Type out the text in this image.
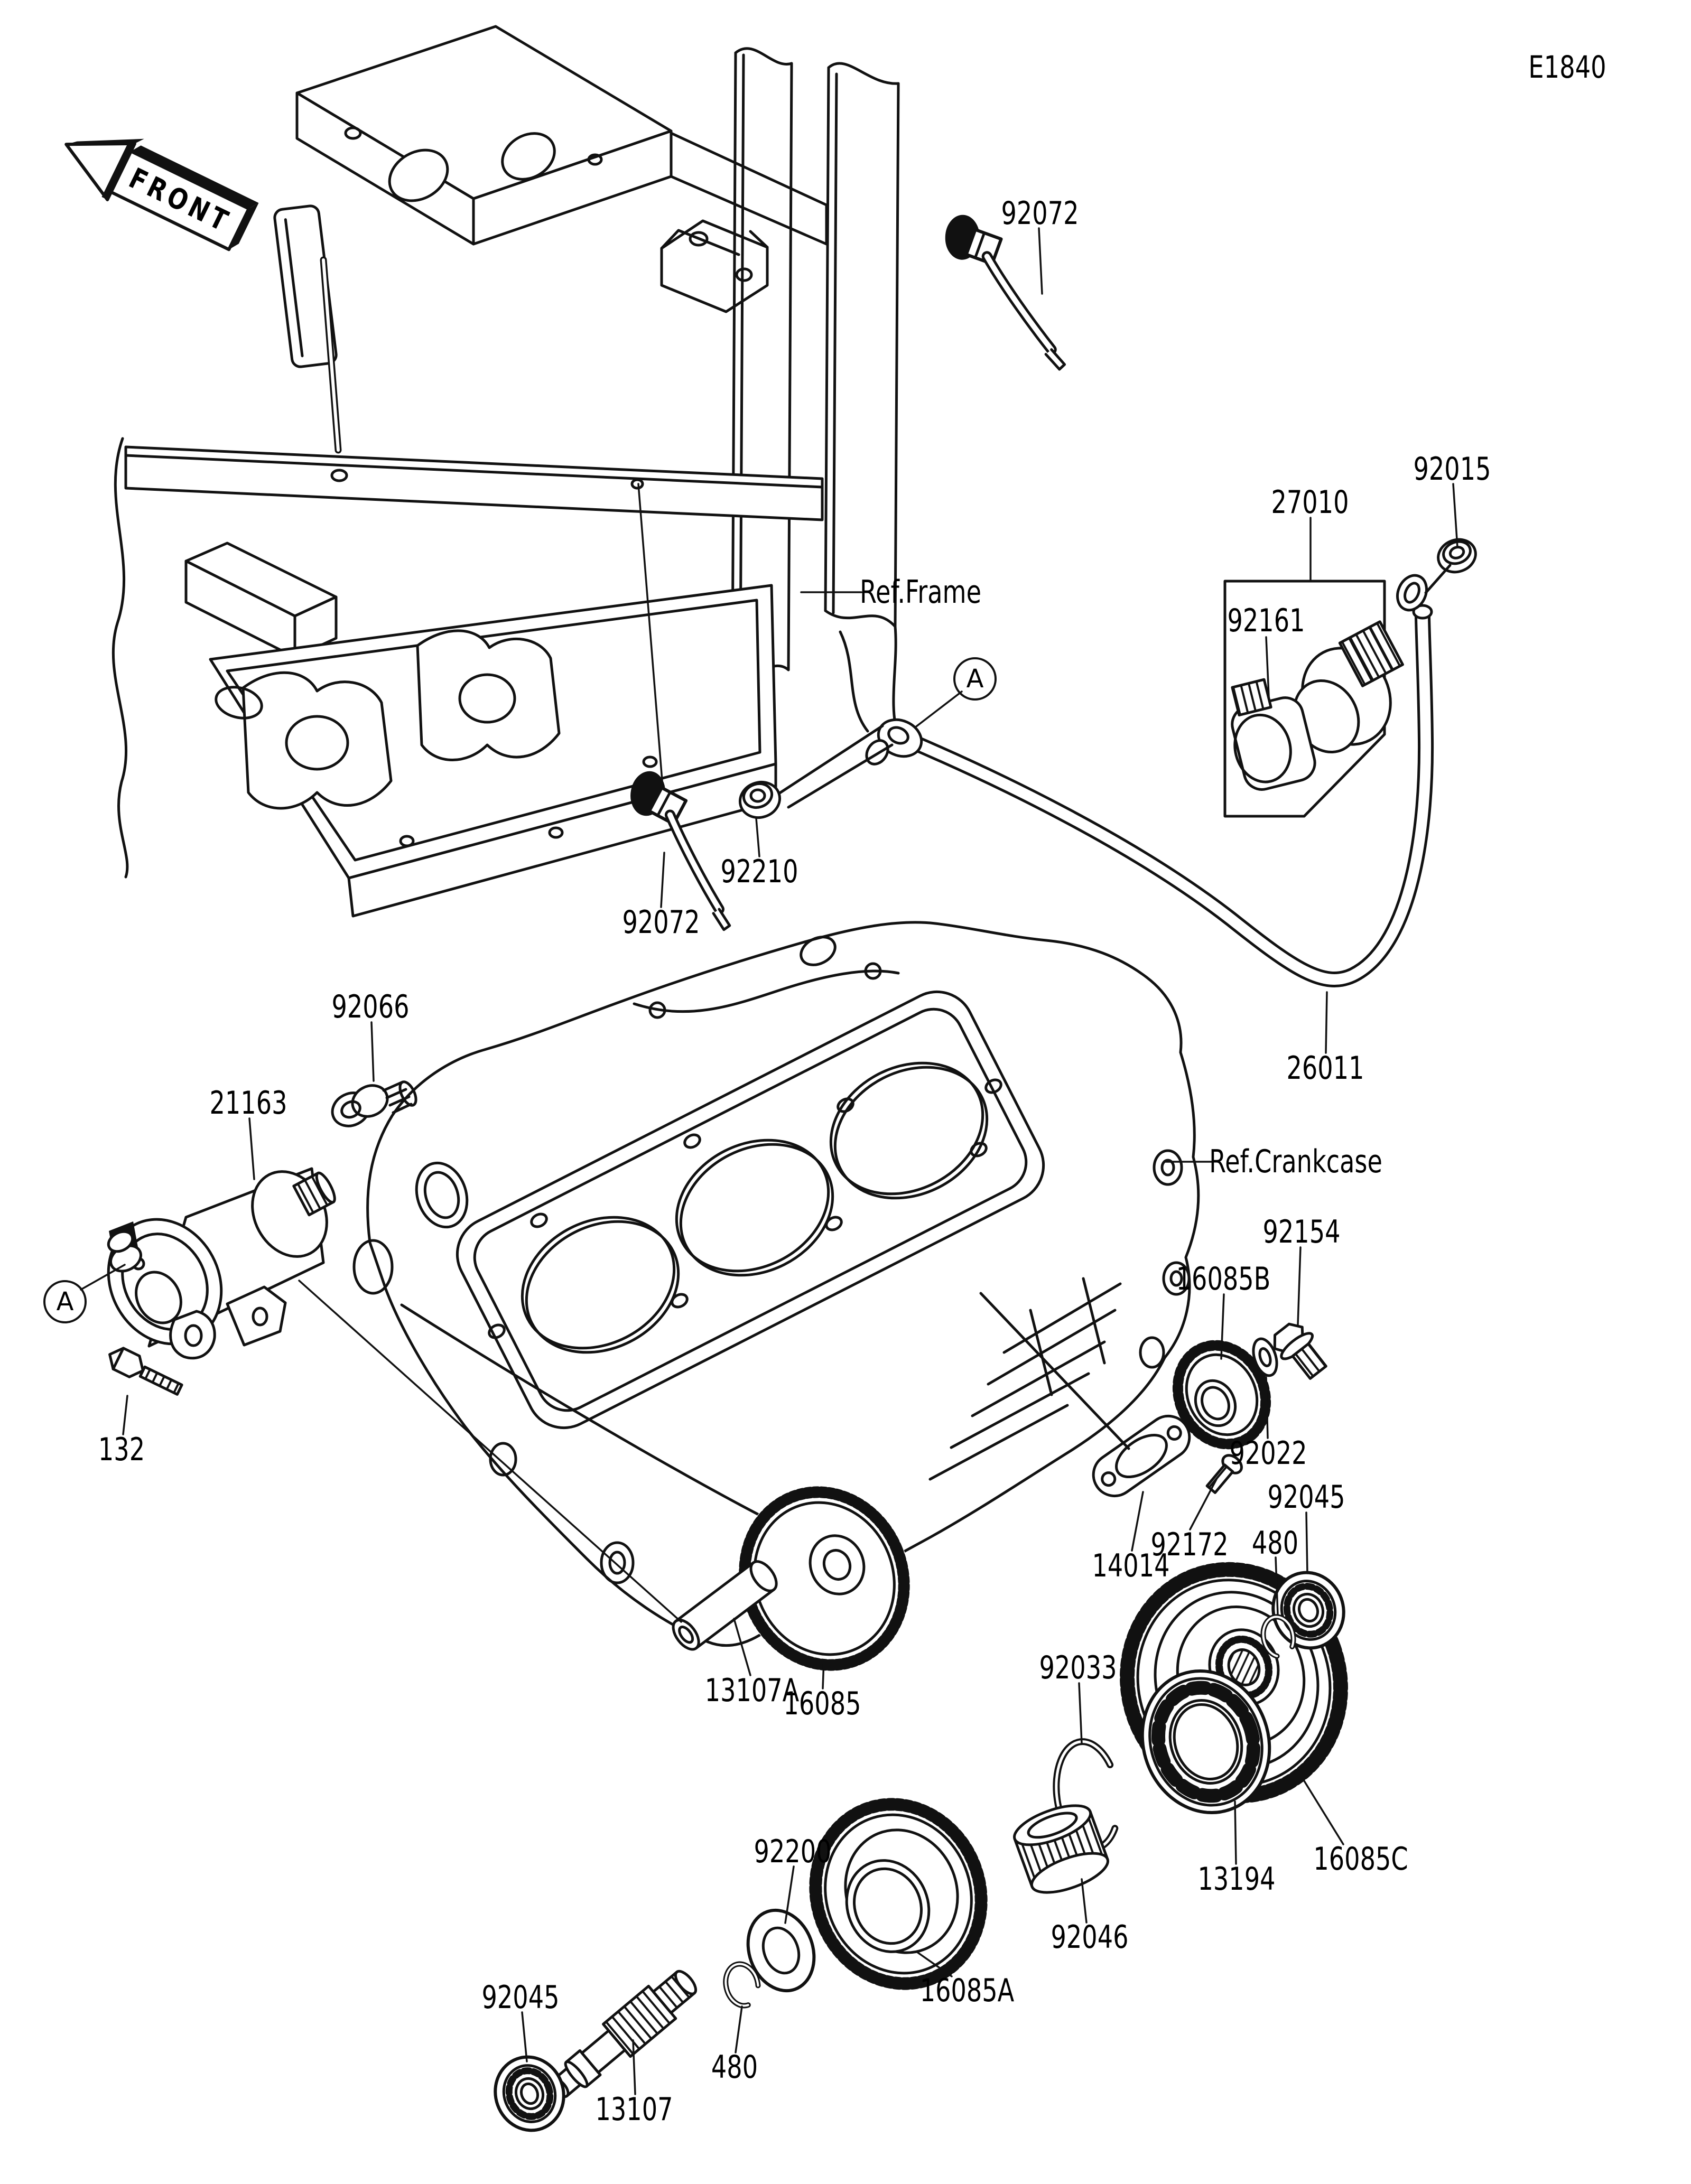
E1840
FRONT	92072
92015
27010
92161
92210
92072
26011
92066
21163
132
16085B
92154
92022
14014
92172
92045
480
92033
13107A
16085
13194
16085C
92200
92046
16085A
92045
480
13107
Ref.Frame
Ref.Crankcase
A
A
